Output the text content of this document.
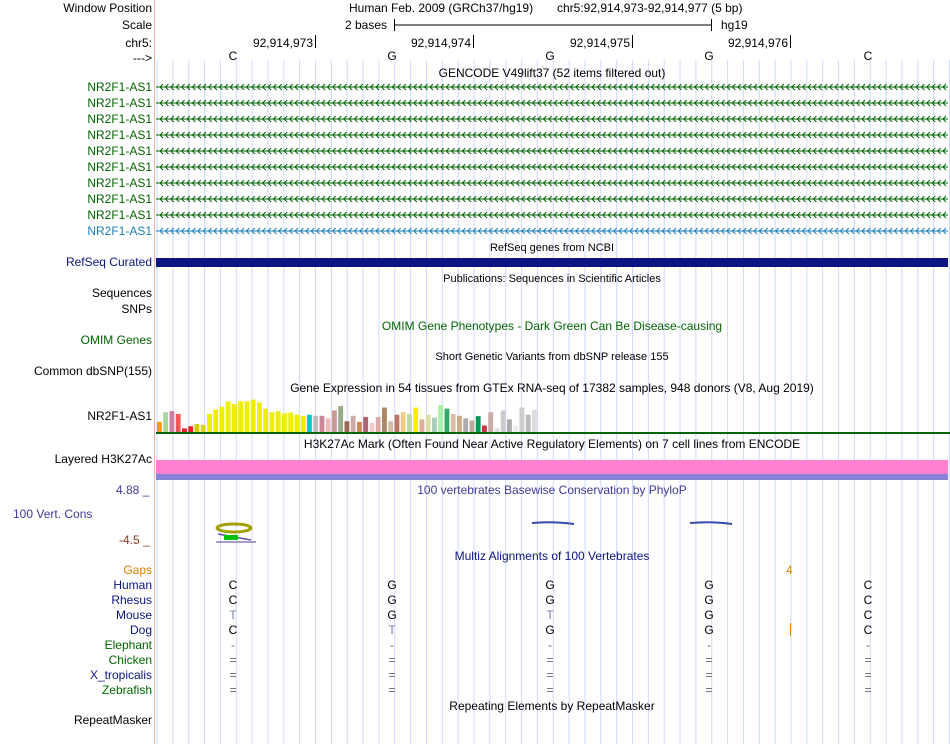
Window Position	Human Feb. 2009 (GRCh37/hg19) chr5:92,914,973-92,914,977 (5 bp)
Scale	2 bases	hg19
chr5:	92,914,973	92,914,974	92,914,975	92,914,976
--->	C	G	G	G	C
GENCODE V49lift37 (52 items filtered out)
NR2F1-AS1
NR2F1-AS1
NR2F1-AS1
NR2F1-AS1
NR2F1-AS1
NR2F1-AS1
NR2F1-AS1
NR2F1-AS1
NR2F1-AS1
NR2F1-AS1
RefSeq genes from NCBI
RefSeq Curated
Publications: Sequences in Scientific Articles
Sequences
SNPs
OMIM Gene Phenotypes - Dark Green Can Be Disease-causing
OMIM Genes
Short Genetic Variants from dbSNP release 155
Common dbSNP(155)
Gene Expression in 54 tissues from GTEx RNA-seq of 17382 samples, 948 donors (V8, Aug 2019)
NR2F1-AS1
H3K27Ac Mark (Often Found Near Active Regulatory Elements) on 7 cell lines from ENCODE
Layered H3K27Ac
4.88 _	100 vertebrates Basewise Conservation by PhyloP
100 Vert. Cons
-4.5 _
Multiz Alignments of 100 Vertebrates
Gaps	4
Human	C	G	G	G	C
Rhesus	C	G	G	G	C
Mouse	T	G	T	G	C
Dog	C	T	G	G	C
Elephant	-	-	-	-	-
Chicken	=	=	=	=	=
X_tropicalis	=	=	=	=	=
Zebrafish	=	=	=	=	=
Repeating Elements by RepeatMasker
RepeatMasker
